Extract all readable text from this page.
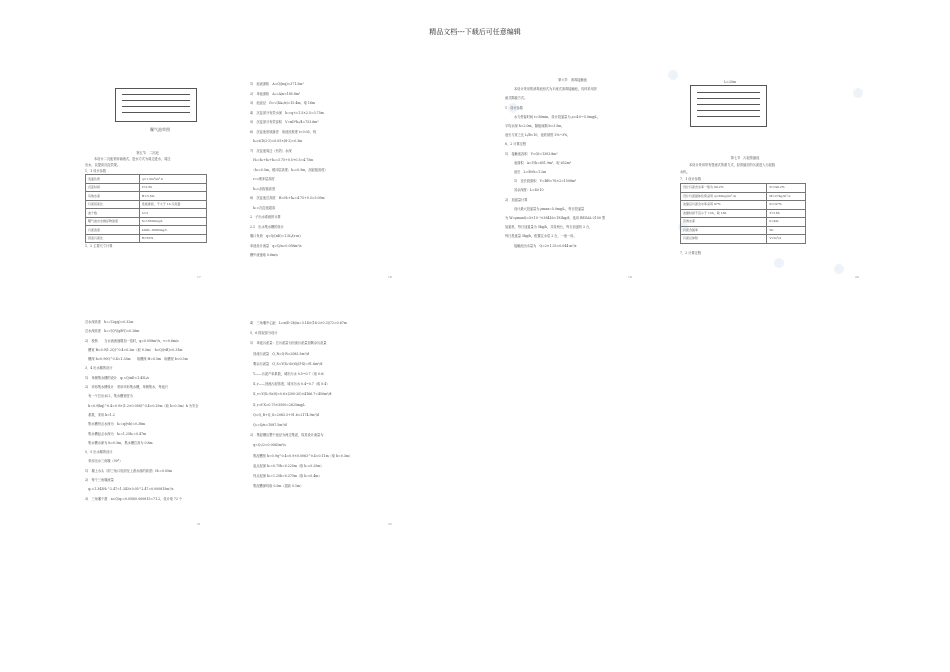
精品文档---下载后可任意编辑
曝气池草图
第五节　二沉池
本设计二沉池采用辐流式，进水方式为周边进水，周边
出水，以提高沉淀效果。
1、1 设计参数
表面负荷	q=1.5m³/m²·h
沉淀时间	t=2.5h
有效水深	H=3.5m
污泥回流比	连续排泥，不大于 1h 污泥量
池个数	n=2
曝气池出水悬浮物浓度	X₁=3500mg/L
污泥浓度	4000~8000mg/L
回流污泥比	R=50%
1、2 主要尺寸计算
17
1)　池表面积　A=Q/(nq)=371.5m²
2)　单池面积　A₁=A/n=185.8m²
3)　池直径　D=√(4A₁/π)=15.4m，取 16m
4)　沉淀部分有效水深　h₂=q·t=1.5×2.5=3.75m
5)　沉淀部分有效容积　V=πD²h₂/4=753.6m³
6)　沉淀池底坡落差　取池底坡度 i=0.05，则
　h₄=i(D/2-2)=0.05×(8-2)=0.3m
7)　沉淀池周边（有效）水深
　H₀=h₂+h₃+h₅=3.75+0.5+0.5=4.75m
　（h₃=0.5m，缓冲层高度；h₅=0.5m，刮泥板高度）
　r₁=缓冲层高度
　h₅=刮泥板高度
8)　沉淀池总高度　H=H₀+h₄=4.75+0.3=5.05m
　h₁=沉淀池超高
2　子出水系统的计算
2.1　出水集水槽的设计
堰口负荷　q=Q/(πD)=1.5L/(s·m)
单池设计流量　q=Q/n=0.058m³/s
槽中流速取 0.6m/s
18
第六节　消毒接触池
本设计采用的消毒池形式为平流式消毒接触池，具体采用折
流式隔板方式。
1　设计参数
水力停留时间 t=30min，设计投氯量为 ρ=4.0~5.0mg/L，
平均水深 h=2.0m，隔板间隔 b=3.5m，
池长与宽之比 L/B=10，池底坡度 2%~3%，
6、2 计算过程
1)　接触池容积　V=Qt=1303.8m³
表面积　A=V/h=651.9m²，取 652m²
池长　L=B×h=1.2m
1)　变长段面积　V=BH=76×2=1508m³
其余深度：L=4×10
2)　加氯量计算
设计最大投氯量为 ρmax=5.0mg/L，每日投氯量
为 W=ρmaxQ=5×10⁻³×38416=192kg/d，选用 REGAL-2100 型
加氯机，每日加氯量为 5kg/h，共设两台，每台加氯机 2 台，
每日投氯量 5kg/h，配置注水泵 2 台，一备一用。
接触池出水量为　Q=2×1.33=0.044 m³/s
19
L=20m
第七节　污泥浓缩池
本设计采用带有竖流式的重力式，经浓缩后的污泥进入污泥脱
水机。
7、1 设计参数
设计污泥含水率一般为 99.2%	P₁=99.2%
设计污泥固体负荷采用 q=30kg/(m²·d)	M=27kg/m²·d
浓缩后污泥含水率采用 97%	P₂=97%
浓缩时间不宜小于 12h，取 16h	T=16h
有效水深	h=4m
污泥含固率	W₀
污泥总体积	V=m³/d
7、2 计算过程
20
总水深高度　h=√(2q/g)=0.32m
总水深高度　h=√(Q²/(gB²))=0.26m
2)　校核　　当水流流速增加一倍时，q=0.058m³/s，v=0.6m/s
　槽宽 B=0.9(1.2Q)^0.4=0.2m（取 0.3m）　h=Q/(vB)=0.31m
　槽深 h=0.90Q^0.4=1.33m　　取槽深 H=0.5m　取槽宽 b=0.3m
3、4 出水堰的设计
1)　单侧集水槽的设计　q₁=Q/πD=1.45L/s
2)　环形集水槽设计　采用环形集水槽，单侧集水，每池只
　有一个总出水口。集水槽宽度为
　b=0.9(kq)^0.4=0.9×(1.2×0.058)^0.4=0.29m（取 b=0.3m）k 为安全
　系数，采用 k=1.2
　集水槽终点水深为　h₁=q/(vb)=0.38m
　集水槽起点水深为　h₂=1.25h₁=0.47m
　集水槽水深为 h=0.5m，集水槽总高为 0.8m
5、5 出水堰的设计
　采用出水三角堰（90°）
1)　堰上水头（即三角口底部至上游水面的高度）H₁=0.05m
2)　每个三角堰流量
　q₁=1.343H₁^2.47=1.343×0.05^2.47=0.000815m³/s
3)　三角堰个数　n=Q/q₁=0.058/0.000815=71.2，设计取 72 个
21
4)　三角堰中心距　L=π(D-2b)/n=3.14×(16-2×0.3)/72=0.67m
5、6 排泥部分设计
1)　单池污泥量：总污泥量为回流污泥量加剩余污泥量
　回流污泥量　Q_R=Q·R=2083.3m³/d
　剩余污泥量　Q_S=Y(S₀-Se)Q/(f·X)=91.6m³/d
　Y——污泥产率系数，城市污水 0.5~0.7（取 0.6）
　X_r——回流污泥浓度，城市污水 0.4~0.7（取 0.4）
　X_v=Y(S₀-Se)Q=0.6×(200-20)×4166.7=450m³/d
　X_r=f·X=0.75×3500=2625mg/L
　Q=Q_R+Q_S=2083.3+91.6=2174.9m³/d
　Q₁=Q/n=1087.5m³/d
2)　集泥槽沿整个池径为两边集泥，故其设计流量为
　q=Q₁/2=0.0063m³/s
　集泥槽宽 b=0.9q^0.4=0.9×0.0063^0.4=0.11m（取 b=0.3m）
　起点泥深 h₁=0.75b=0.225m（取 h₁=0.25m）
　终点泥深 h₂=1.25b=0.375m（取 h₂=0.4m）
　集泥槽深均取 0.5m（超高 0.1m）
22
